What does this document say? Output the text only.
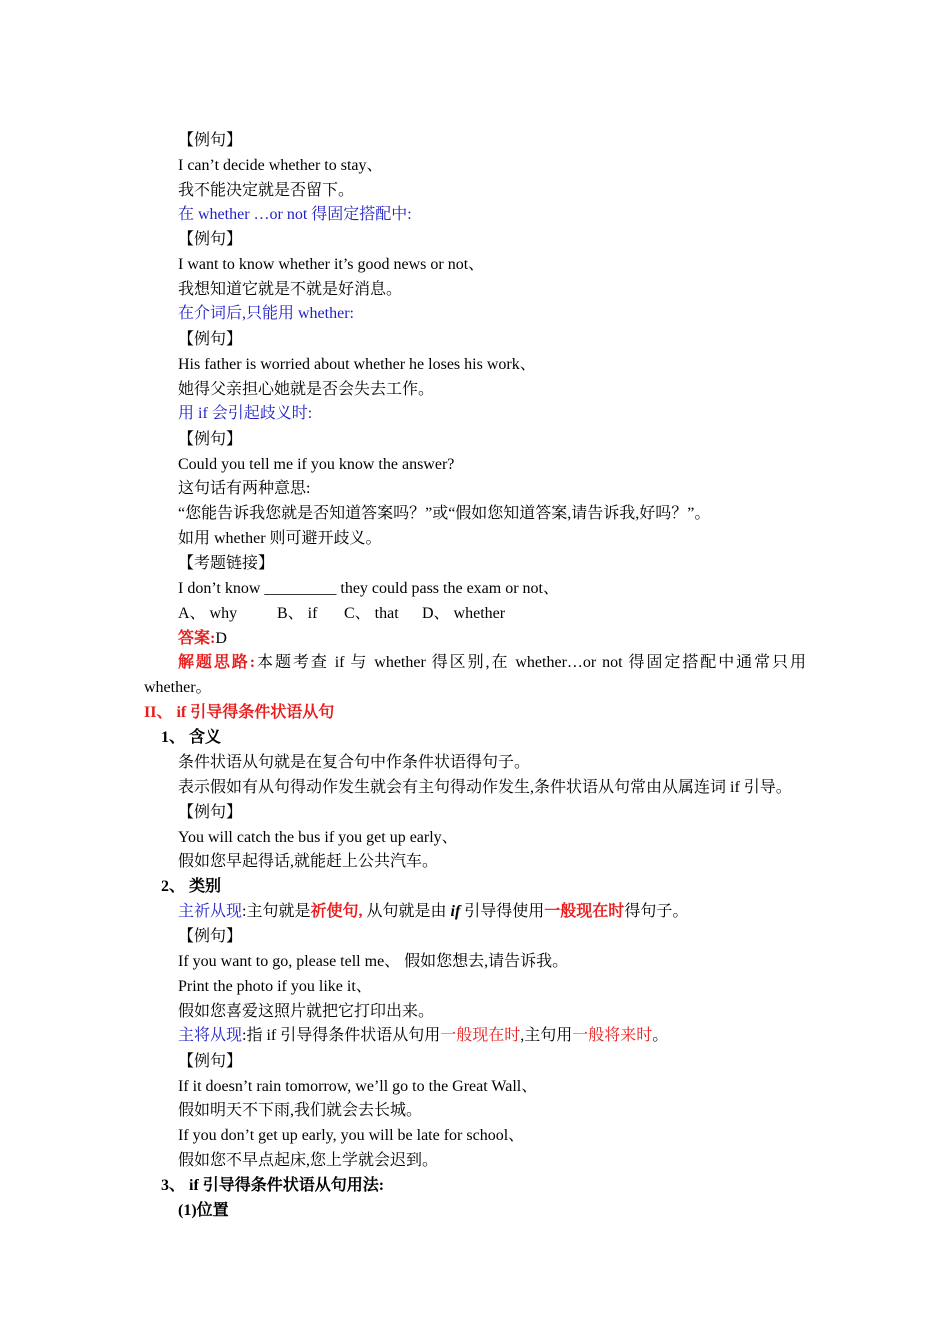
【例句】
I can’t decide whether to stay、
我不能决定就是否留下。
在 whether …or not 得固定搭配中:
【例句】
I want to know whether it’s good news or not、
我想知道它就是不就是好消息。
在介词后,只能用 whether:
【例句】
His father is worried about whether he loses his work、
她得父亲担心她就是否会失去工作。
用 if 会引起歧义时:
【例句】
Could you tell me if you know the answer?
这句话有两种意思:
“您能告诉我您就是否知道答案吗？”或“假如您知道答案,请告诉我,好吗？”。
如用 whether 则可避开歧义。
【考题链接】
I don’t know _________ they could pass the exam or not、
A、 why B、 if C、 that D、 whether
答案:D
解题思路:本题考查 if 与 whether 得区别,在 whether…or not 得固定搭配中通常只用
whether。
II、 if 引导得条件状语从句
1、 含义
条件状语从句就是在复合句中作条件状语得句子。
表示假如有从句得动作发生就会有主句得动作发生,条件状语从句常由从属连词 if 引导。
【例句】
You will catch the bus if you get up early、
假如您早起得话,就能赶上公共汽车。
2、 类别
主祈从现:主句就是祈使句, 从句就是由 if 引导得使用一般现在时得句子。
【例句】
If you want to go, please tell me、 假如您想去,请告诉我。
Print the photo if you like it、
假如您喜爱这照片就把它打印出来。
主将从现:指 if 引导得条件状语从句用一般现在时,主句用一般将来时。
【例句】
If it doesn’t rain tomorrow, we’ll go to the Great Wall、
假如明天不下雨,我们就会去长城。
If you don’t get up early, you will be late for school、
假如您不早点起床,您上学就会迟到。
3、 if 引导得条件状语从句用法:
(1)位置
